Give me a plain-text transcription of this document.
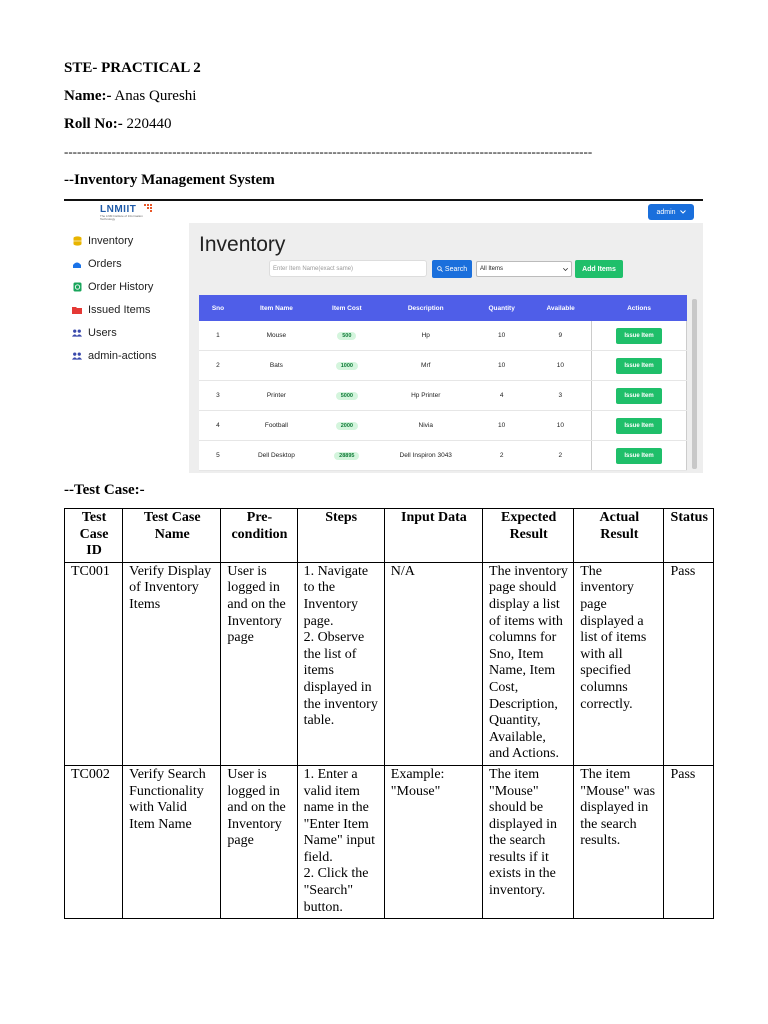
STE- PRACTICAL 2
Name:- Anas Qureshi
Roll No:- 220440
--------------------------------------------------------------------------------------------------------------------------
--Inventory Management System
LNMIIT
The LNM Institute of Information Technology
admin
Inventory
Orders
Order History
Issued Items
Users
admin-actions
Inventory
Enter Item Name(exact same)	Search All Items	Add Items
Sno	Item Name	Item Cost	Description	Quantity	Available	Actions
1	Mouse	500	Hp	10	9	Issue Item
2	Bats	1000	Mrf	10	10	Issue Item
3	Printer	5000	Hp Printer	4	3	Issue Item
4	Football	2000	Nivia	10	10	Issue Item
5	Dell Desktop	28895	Dell Inspiron 3043	2	2	Issue Item
--Test Case:-
Test Case ID	Test Case Name	Pre-condition	Steps	Input Data	Expected Result	Actual Result	Status
TC001	Verify Display of Inventory Items	User is logged in and on the Inventory page	1. Navigate to the Inventory page.
2. Observe the list of items displayed in the inventory table.	N/A	The inventory page should display a list of items with columns for Sno, Item Name, Item Cost, Description, Quantity, Available, and Actions.	The inventory page displayed a list of items with all specified columns correctly.	Pass
TC002	Verify Search Functionality with Valid Item Name	User is logged in and on the Inventory page	1. Enter a valid item name in the "Enter Item Name" input field.
2. Click the "Search" button.	Example: "Mouse"	The item "Mouse" should be displayed in the search results if it exists in the inventory.	The item "Mouse" was displayed in the search results.	Pass
